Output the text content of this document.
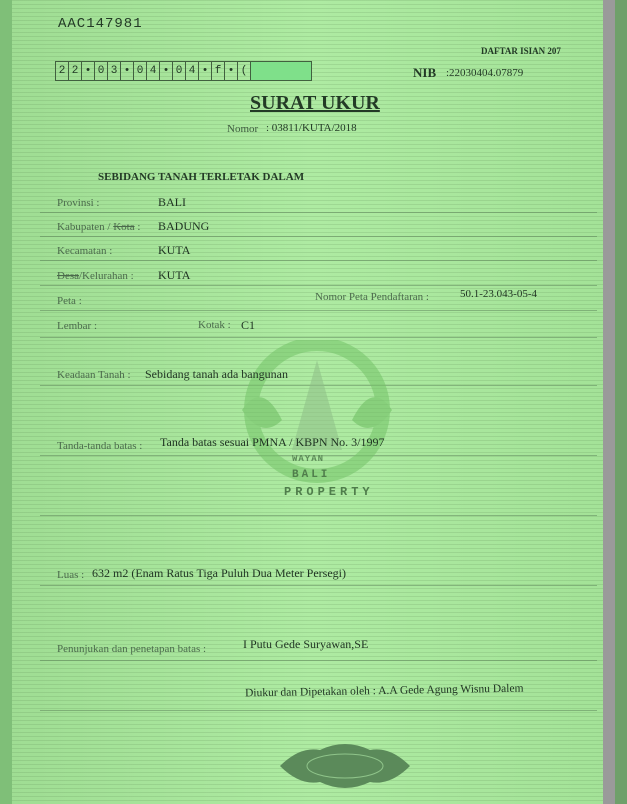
AAC147981
DAFTAR ISIAN 207
2 2 • 0 3 • 0 4 • 0 4 • f • (	NIB :22030404.07879
SURAT UKUR
Nomor : 03811/KUTA/2018
SEBIDANG TANAH TERLETAK DALAM
Provinsi :	BALI
Kabupaten / Kota : BADUNG
Kecamatan :	KUTA
Desa/Kelurahan : KUTA
Peta :	Nomor Peta Pendaftaran :	50.1-23.043-05-4
Lembar :	Kotak : C1
Tanda-tanda batas : Tanda batas sesuai PMNA / KBPN No. 3/1997
Keadaan Tanah : Sebidang tanah ada bangunan
WAYAN
BALI
PROPERTY
Luas : 632 m2 (Enam Ratus Tiga Puluh Dua Meter Persegi)
Penunjukan dan penetapan batas :	I Putu Gede Suryawan,SE
Diukur dan Dipetakan oleh : A.A Gede Agung Wisnu Dalem
